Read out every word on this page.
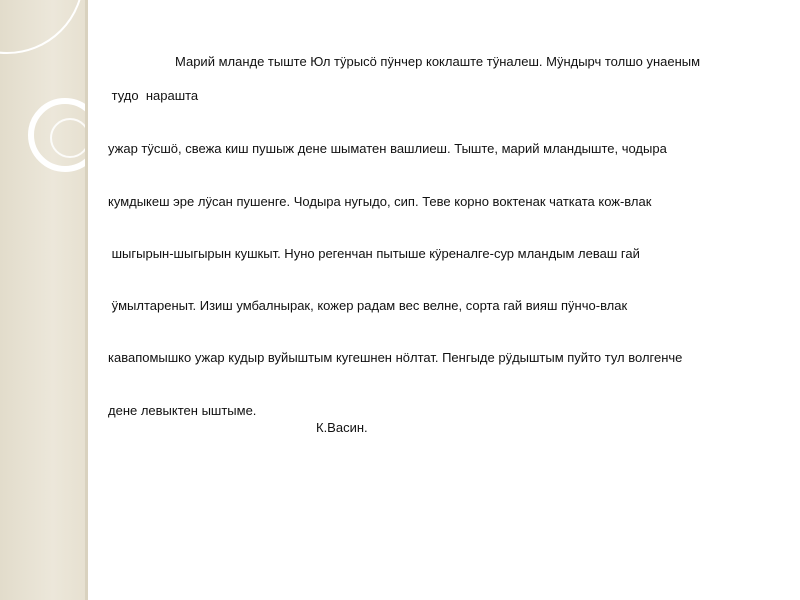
Марий мланде тыште Юл тӱрысӧ пӱнчер коклаште тӱналеш. Мӱндырч толшо унаеным
тудо  нарашта
ужар тӱсшӧ, свежа киш пушыж дене шыматен вашлиеш. Тыште, марий мландыште, чодыра
кумдыкеш эре лӱсан пушенге. Чодыра нугыдо, сип. Теве корно воктенак чатката кож-влак
шыгырын-шыгырын кушкыт. Нуно регенчан пытыше кӱреналге-сур мландым леваш гай
ӱмылтареныт. Изиш умбалнырак, кожер радам вес велне, сорта гай вияш пӱнчо-влак
кавапомышко ужар кудыр вуйыштым кугешнен нӧлтат. Пенгыде рӱдыштым пуйто тул волгенче
дене левыктен ыштыме.
К.Васин.
